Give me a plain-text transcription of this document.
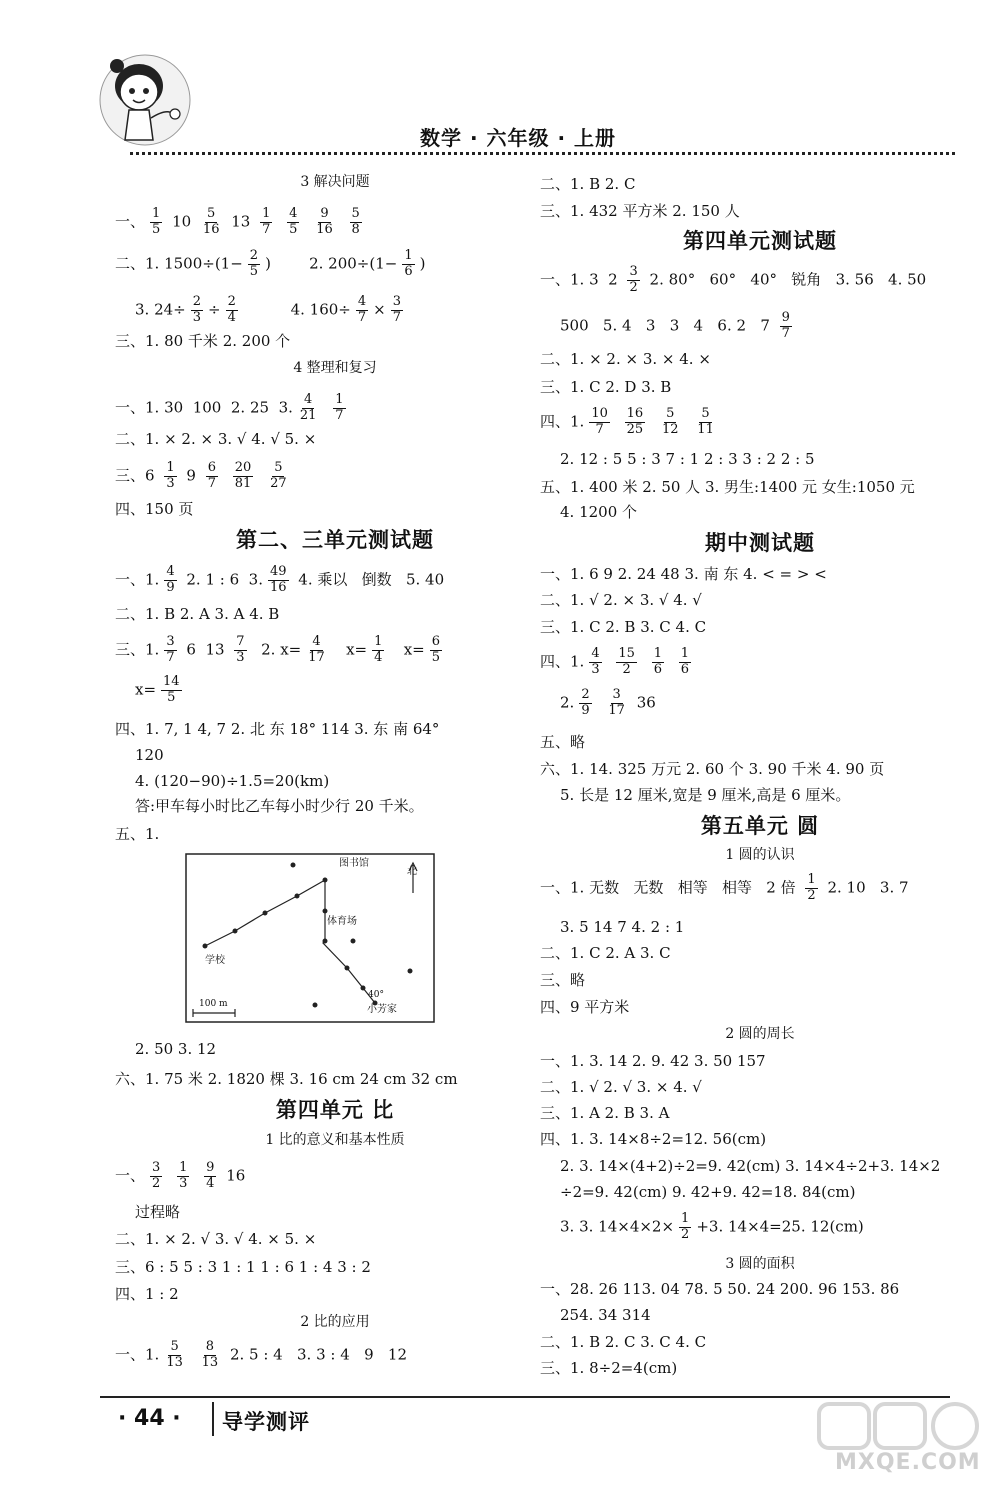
数学 · 六年级 · 上册
3 解决问题
一、 $\frac{1}{5} 10 \frac{5}{16} 13 \frac{1}{7}$
$\frac{4}{5}$
$\frac{9}{16}$
$\frac{5}{8}$
二、1. $1500\div(1- \frac{2}{5}$ )        2. $200\div(1- \frac{1}{6}$ )
3. $24\div \frac{2}{3} \div \frac{2}{4} 4$. $160\div \frac{4}{7} \times \frac{3}{7}$
三、1. 80 千米 2. 200 个
4 整理和复习
一、1. 30  100  2. 25  3. $\frac{4}{21}$
$\frac{1}{7}$
二、1. × 2. × 3. √ 4. √ 5. ×
三、$6 \frac{1}{3} 9 \frac{6}{7}$
$\frac{20}{81}$
$\frac{5}{27}$
四、150 页
第二、三单元测试题
一、1. $\frac{4}{9} 2$. 1 : 6  3. $\frac{49}{16} 4$. 乘以   倒数   5. 40
二、1. B 2. A 3. A 4. B
三、1. $\frac{3}{7} 6$  $13 \frac{7}{3} 2$. $x= \frac{4}{17} x= \frac{1}{4} x= \frac{6}{5}$
$x= \frac{14}{5}$
四、1. 7, 1 4, 7 2. 北 东 18° 114 3. 东 南 64°
120
4. (120−90)÷1.5=20(km)
答:甲车每小时比乙车每小时少行 20 千米。
五、1.
图书馆
体育场
学校
小芳家
北
100 m
40°
2. 50 3. 12
六、1. 75 米 2. 1820 棵 3. 16 cm 24 cm 32 cm
第四单元 比
1 比的意义和基本性质
一、 $\frac{3}{2}$
$\frac{1}{3}$
$\frac{9}{4} 16$
过程略
二、1. × 2. √ 3. √ 4. × 5. ×
三、6 : 5 5 : 3 1 : 1 1 : 6 1 : 4 3 : 2
四、1 : 2
2 比的应用
一、1. $\frac{5}{13}$
$\frac{8}{13} 2$. 5 : 4   3. 3 : 4   9   12
二、1. B 2. C
三、1. 432 平方米 2. 150 人
第四单元测试题
一、1. 3  $2 \frac{3}{2} 2$. 80°   60°   40°   锐角   3. 56   4. 50
500   5. 4   3   3   4   6. 2   $7 \frac{9}{7}$
二、1. × 2. × 3. × 4. ×
三、1. C 2. D 3. B
四、1. $\frac{10}{7}$
$\frac{16}{25}$
$\frac{5}{12}$
$\frac{5}{11}$
2. 12 : 5 5 : 3 7 : 1 2 : 3 3 : 2 2 : 5
五、1. 400 米 2. 50 人 3. 男生:1400 元 女生:1050 元
4. 1200 个
期中测试题
一、1. 6 9 2. 24 48 3. 南 东 4. < = > <
二、1. √ 2. × 3. √ 4. √
三、1. C 2. B 3. C 4. C
四、1. $\frac{4}{3}$
$\frac{15}{2}$
$\frac{1}{6}$
$\frac{1}{6}$
2. $\frac{2}{9}$
$\frac{3}{17} 36$
五、略
六、1. 14. 325 万元 2. 60 个 3. 90 千米 4. 90 页
5. 长是 12 厘米,宽是 9 厘米,高是 6 厘米。
第五单元 圆
1 圆的认识
一、1. 无数   无数   相等   相等   2 倍 $\frac{1}{2} 2$. 10   3. 7
3. 5 14 7 4. 2 : 1
二、1. C 2. A 3. C
三、略
四、9 平方米
2 圆的周长
一、1. 3. 14 2. 9. 42 3. 50 157
二、1. √ 2. √ 3. × 4. √
三、1. A 2. B 3. A
四、1. 3. 14×8÷2=12. 56(cm)
2. 3. 14×(4+2)÷2=9. 42(cm) 3. 14×4÷2+3. 14×2
÷2=9. 42(cm) 9. 42+9. 42=18. 84(cm)
3. 3. $14\times 4\times 2\times \frac{1}{2} +3$. 14×4=25. 12(cm)
3 圆的面积
一、28. 26 113. 04 78. 5 50. 24 200. 96 153. 86
254. 34 314
二、1. B 2. C 3. C 4. C
三、1. 8÷2=4(cm)
· 44 · 导学测评
MXQE.COM
